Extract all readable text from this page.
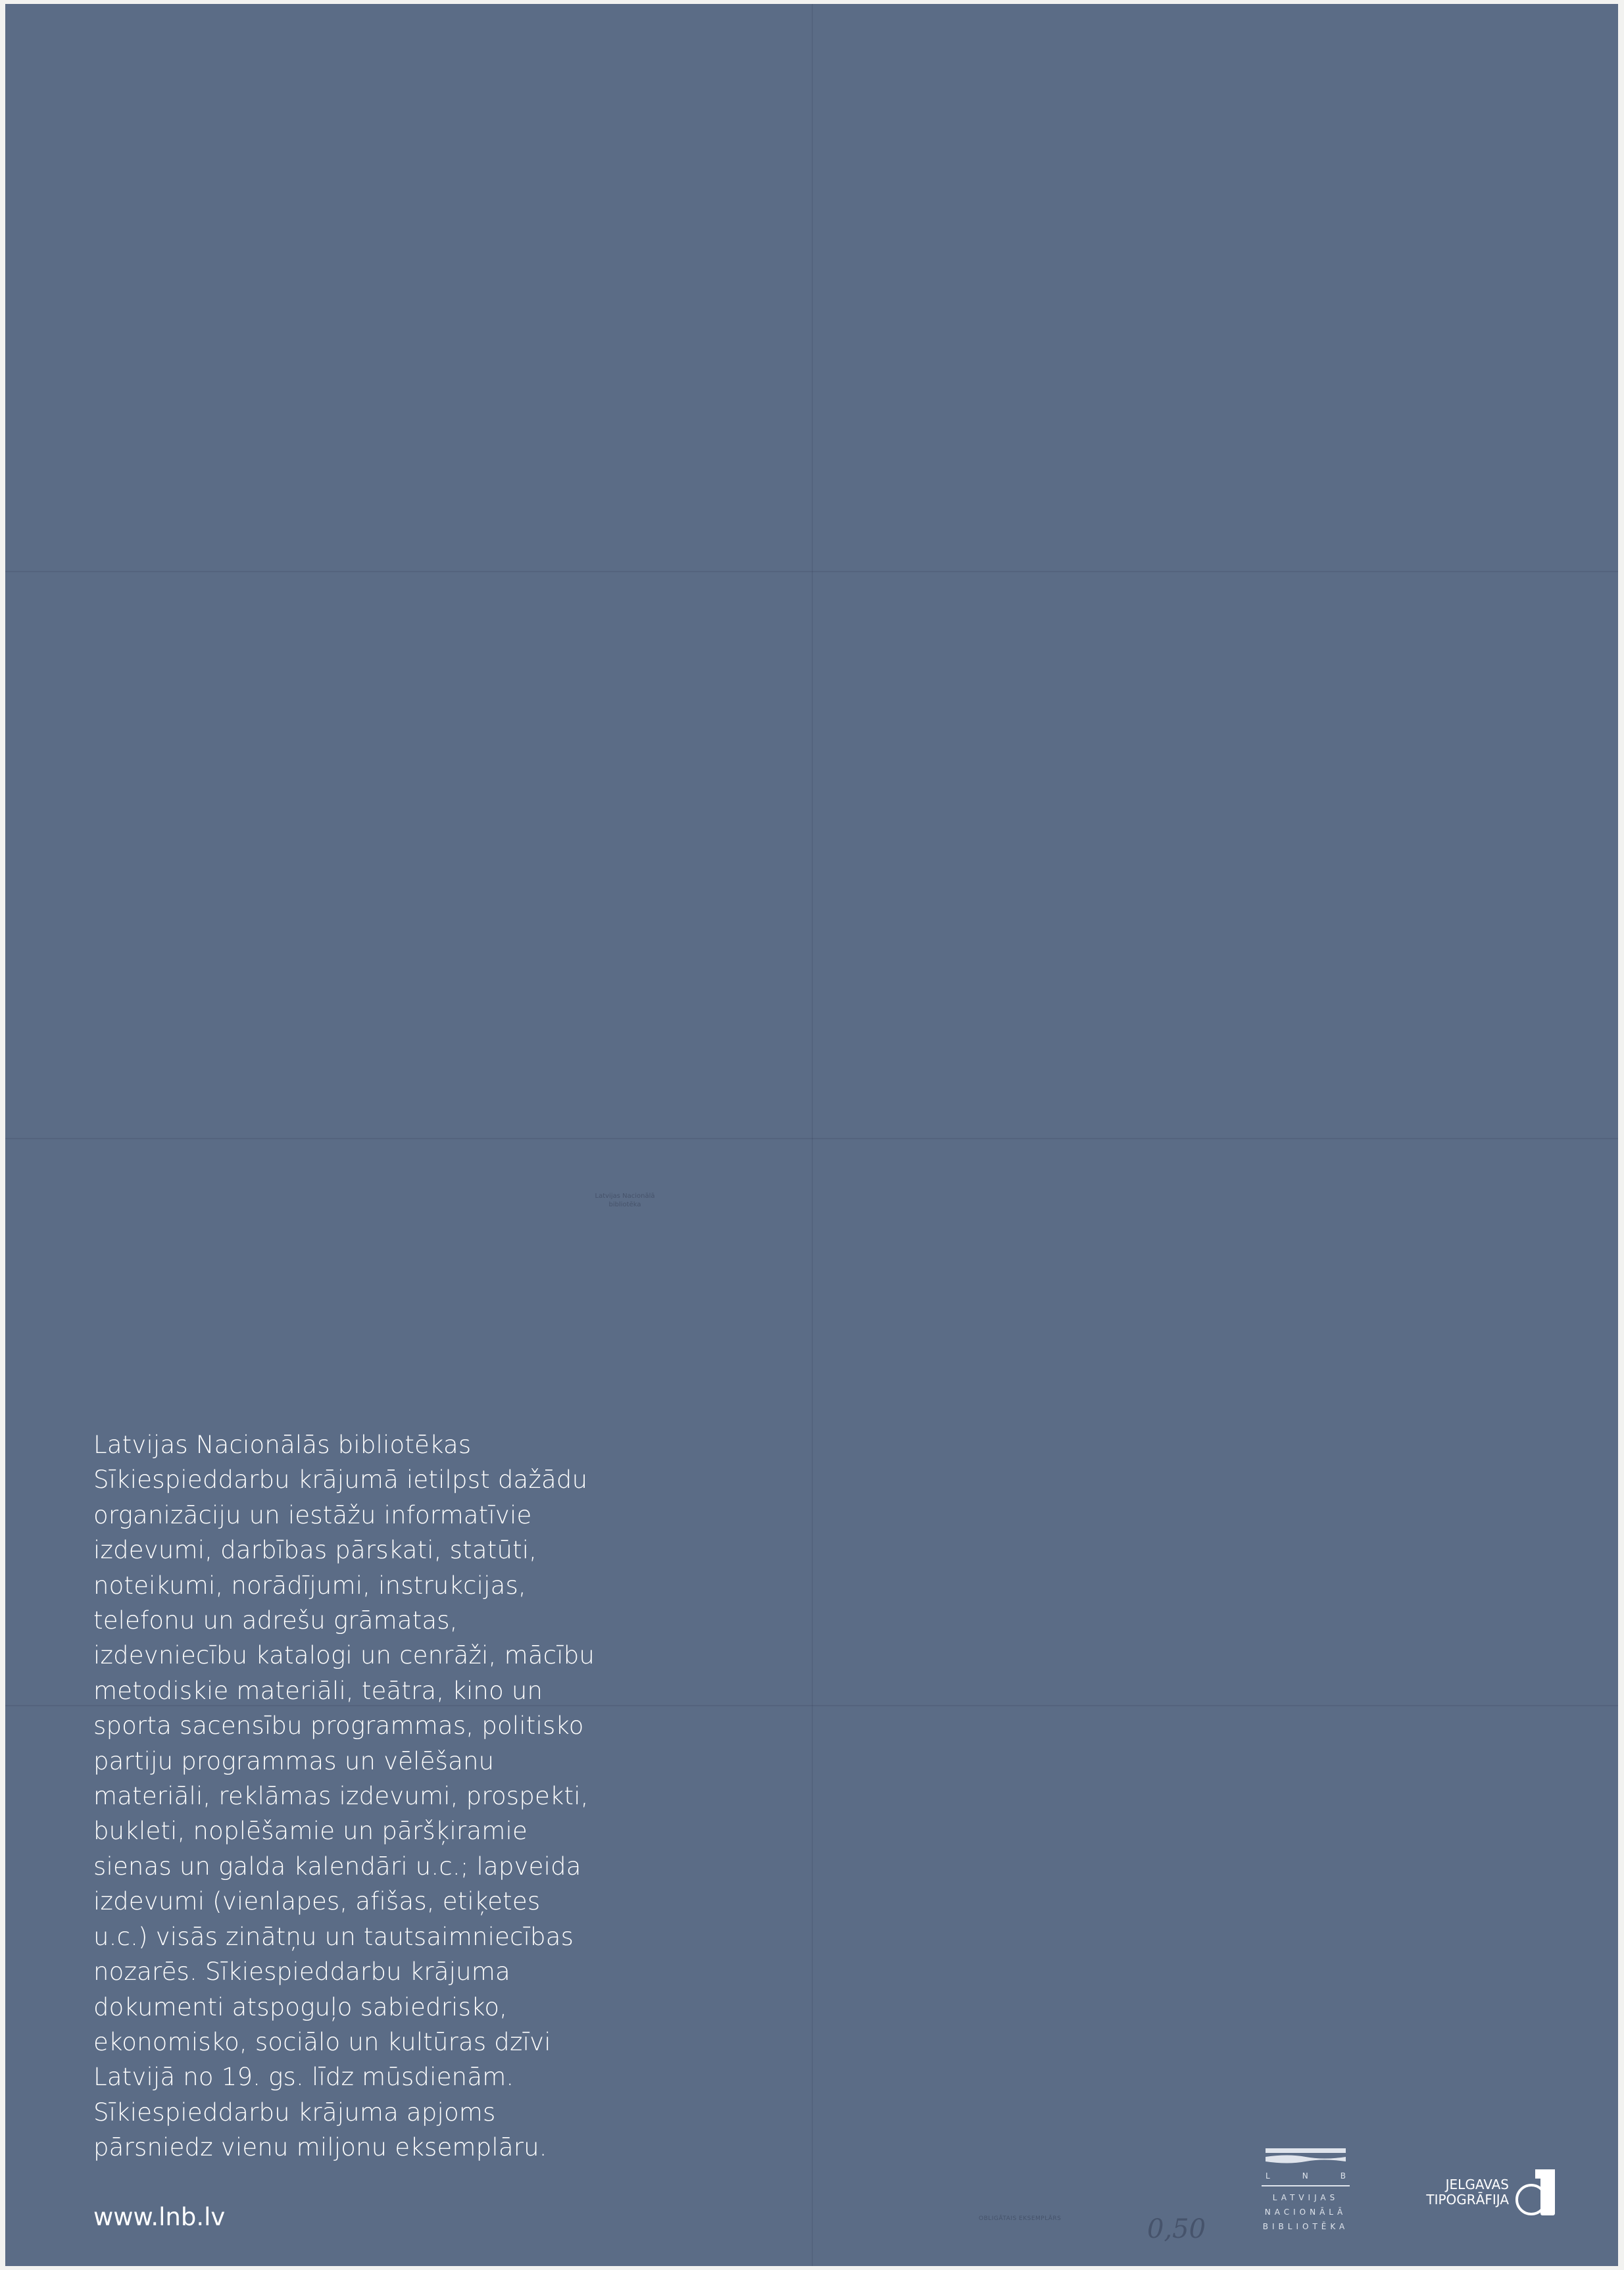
Latvijas Nacionālā
bibliotēka
Latvijas Nacionālās bibliotēkas
Sīkiespieddarbu krājumā ietilpst dažādu
organizāciju un iestāžu informatīvie
izdevumi, darbības pārskati, statūti,
noteikumi, norādījumi, instrukcijas,
telefonu un adrešu grāmatas,
izdevniecību katalogi un cenrāži, mācību
metodiskie materiāli, teātra, kino un
sporta sacensību programmas, politisko
partiju programmas un vēlēšanu
materiāli, reklāmas izdevumi, prospekti,
bukleti, noplēšamie un pāršķiramie
sienas un galda kalendāri u.c.; lapveida
izdevumi (vienlapes, afišas, etiķetes
u.c.) visās zinātņu un tautsaimniecības
nozarēs. Sīkiespieddarbu krājuma
dokumenti atspoguļo sabiedrisko,
ekonomisko, sociālo un kultūras dzīvi
Latvijā no 19. gs. līdz mūsdienām.
Sīkiespieddarbu krājuma apjoms
pārsniedz vienu miljonu eksemplāru.
www.lnb.lv	OBLIGĀTAIS EKSEMPLĀRS	0,50
L	N	B
LATVIJAS
NACIONĀLĀ
BIBLIOTĒKA
JELGAVAS
TIPOGRĀFIJA
